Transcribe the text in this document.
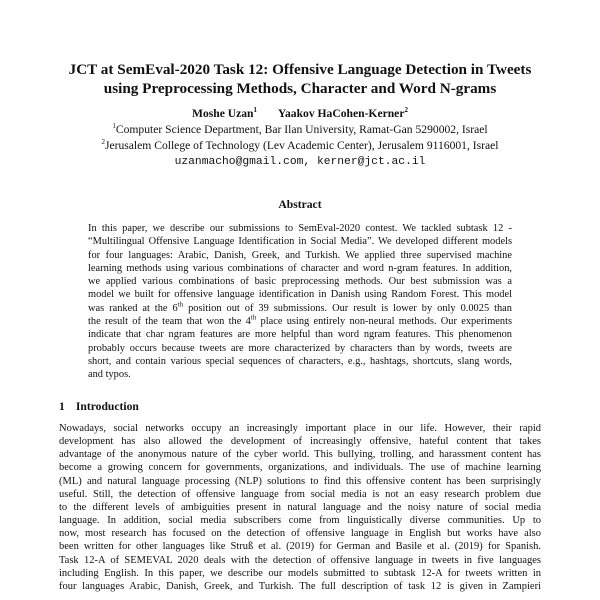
JCT at SemEval-2020 Task 12: Offensive Language Detection in Tweets
using Preprocessing Methods, Character and Word N-grams
Moshe Uzan$^1$ Yaakov HaCohen-Kerner$^2$
$^1$Computer Science Department, Bar Ilan University, Ramat-Gan 5290002, Israel
$^2$Jerusalem College of Technology (Lev Academic Center), Jerusalem 9116001, Israel
uzanmacho@gmail.com, kerner@jct.ac.il
Abstract
In this paper, we describe our submissions to SemEval-2020 contest. We tackled subtask 12 -
“Multilingual Offensive Language Identification in Social Media”. We developed different models
for four languages: Arabic, Danish, Greek, and Turkish. We applied three supervised machine
learning methods using various combinations of character and word n-gram features. In addition,
we applied various combinations of basic preprocessing methods. Our best submission was a
model we built for offensive language identification in Danish using Random Forest. This model
was ranked at the 6th position out of 39 submissions. Our result is lower by only 0.0025 than
the result of the team that won the 4th place using entirely non-neural methods. Our experiments
indicate that char ngram features are more helpful than word ngram features. This phenomenon
probably occurs because tweets are more characterized by characters than by words, tweets are
short, and contain various special sequences of characters, e.g., hashtags, shortcuts, slang words,
and typos.
1 Introduction
Nowadays, social networks occupy an increasingly important place in our life. However, their rapid
development has also allowed the development of increasingly offensive, hateful content that takes
advantage of the anonymous nature of the cyber world. This bullying, trolling, and harassment content has
become a growing concern for governments, organizations, and individuals. The use of machine learning
(ML) and natural language processing (NLP) solutions to find this offensive content has been surprisingly
useful. Still, the detection of offensive language from social media is not an easy research problem due
to the different levels of ambiguities present in natural language and the noisy nature of social media
language. In addition, social media subscribers come from linguistically diverse communities. Up to
now, most research has focused on the detection of offensive language in English but works have also
been written for other languages like Struß et al. (2019) for German and Basile et al. (2019) for Spanish.
Task 12-A of SEMEVAL 2020 deals with the detection of offensive language in tweets in five languages
including English. In this paper, we describe our models submitted to subtask 12-A for tweets written in
four languages Arabic, Danish, Greek, and Turkish. The full description of task 12 is given in Zampieri
